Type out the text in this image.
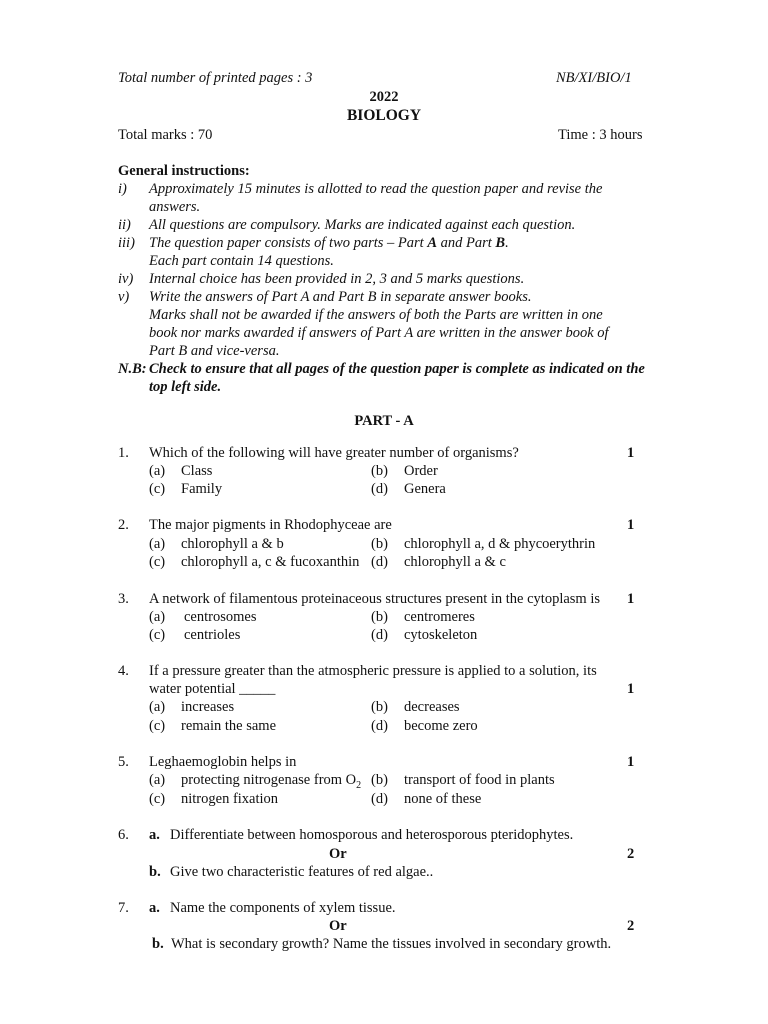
Total number of printed pages : 3	NB/XI/BIO/1
2022
BIOLOGY
Total marks : 70	Time : 3 hours
General instructions:
i) Approximately 15 minutes is allotted to read the question paper and revise the
answers.
ii) All questions are compulsory. Marks are indicated against each question.
iii) The question paper consists of two parts – Part A and Part B.
Each part contain 14 questions.
iv) Internal choice has been provided in 2, 3 and 5 marks questions.
v) Write the answers of Part A and Part B in separate answer books.
Marks shall not be awarded if the answers of both the Parts are written in one
book nor marks awarded if answers of Part A are written in the answer book of
Part B and vice-versa.
N.B: Check to ensure that all pages of the question paper is complete as indicated on the
top left side.
PART - A
1. Which of the following will have greater number of organisms?	1
(a) Class	(b) Order
(c) Family	(d) Genera
2. The major pigments in Rhodophyceae are	1
(a) chlorophyll a & b	(b) chlorophyll a, d & phycoerythrin
(c) chlorophyll a, c & fucoxanthin (d) chlorophyll a & c
3. A network of filamentous proteinaceous structures present in the cytoplasm is 1
(a) centrosomes	(b) centromeres
(c) centrioles	(d) cytoskeleton
4. If a pressure greater than the atmospheric pressure is applied to a solution, its
water potential _____	1
(a) increases	(b) decreases
(c) remain the same	(d) become zero
5. Leghaemoglobin helps in	1
(a) protecting nitrogenase from $O_2$ (b) transport of food in plants
(c) nitrogen fixation	(d) none of these
6. a. Differentiate between homosporous and heterosporous pteridophytes.
Or	2
b. Give two characteristic features of red algae..
7. a. Name the components of xylem tissue.
Or	2
b. What is secondary growth? Name the tissues involved in secondary growth.
